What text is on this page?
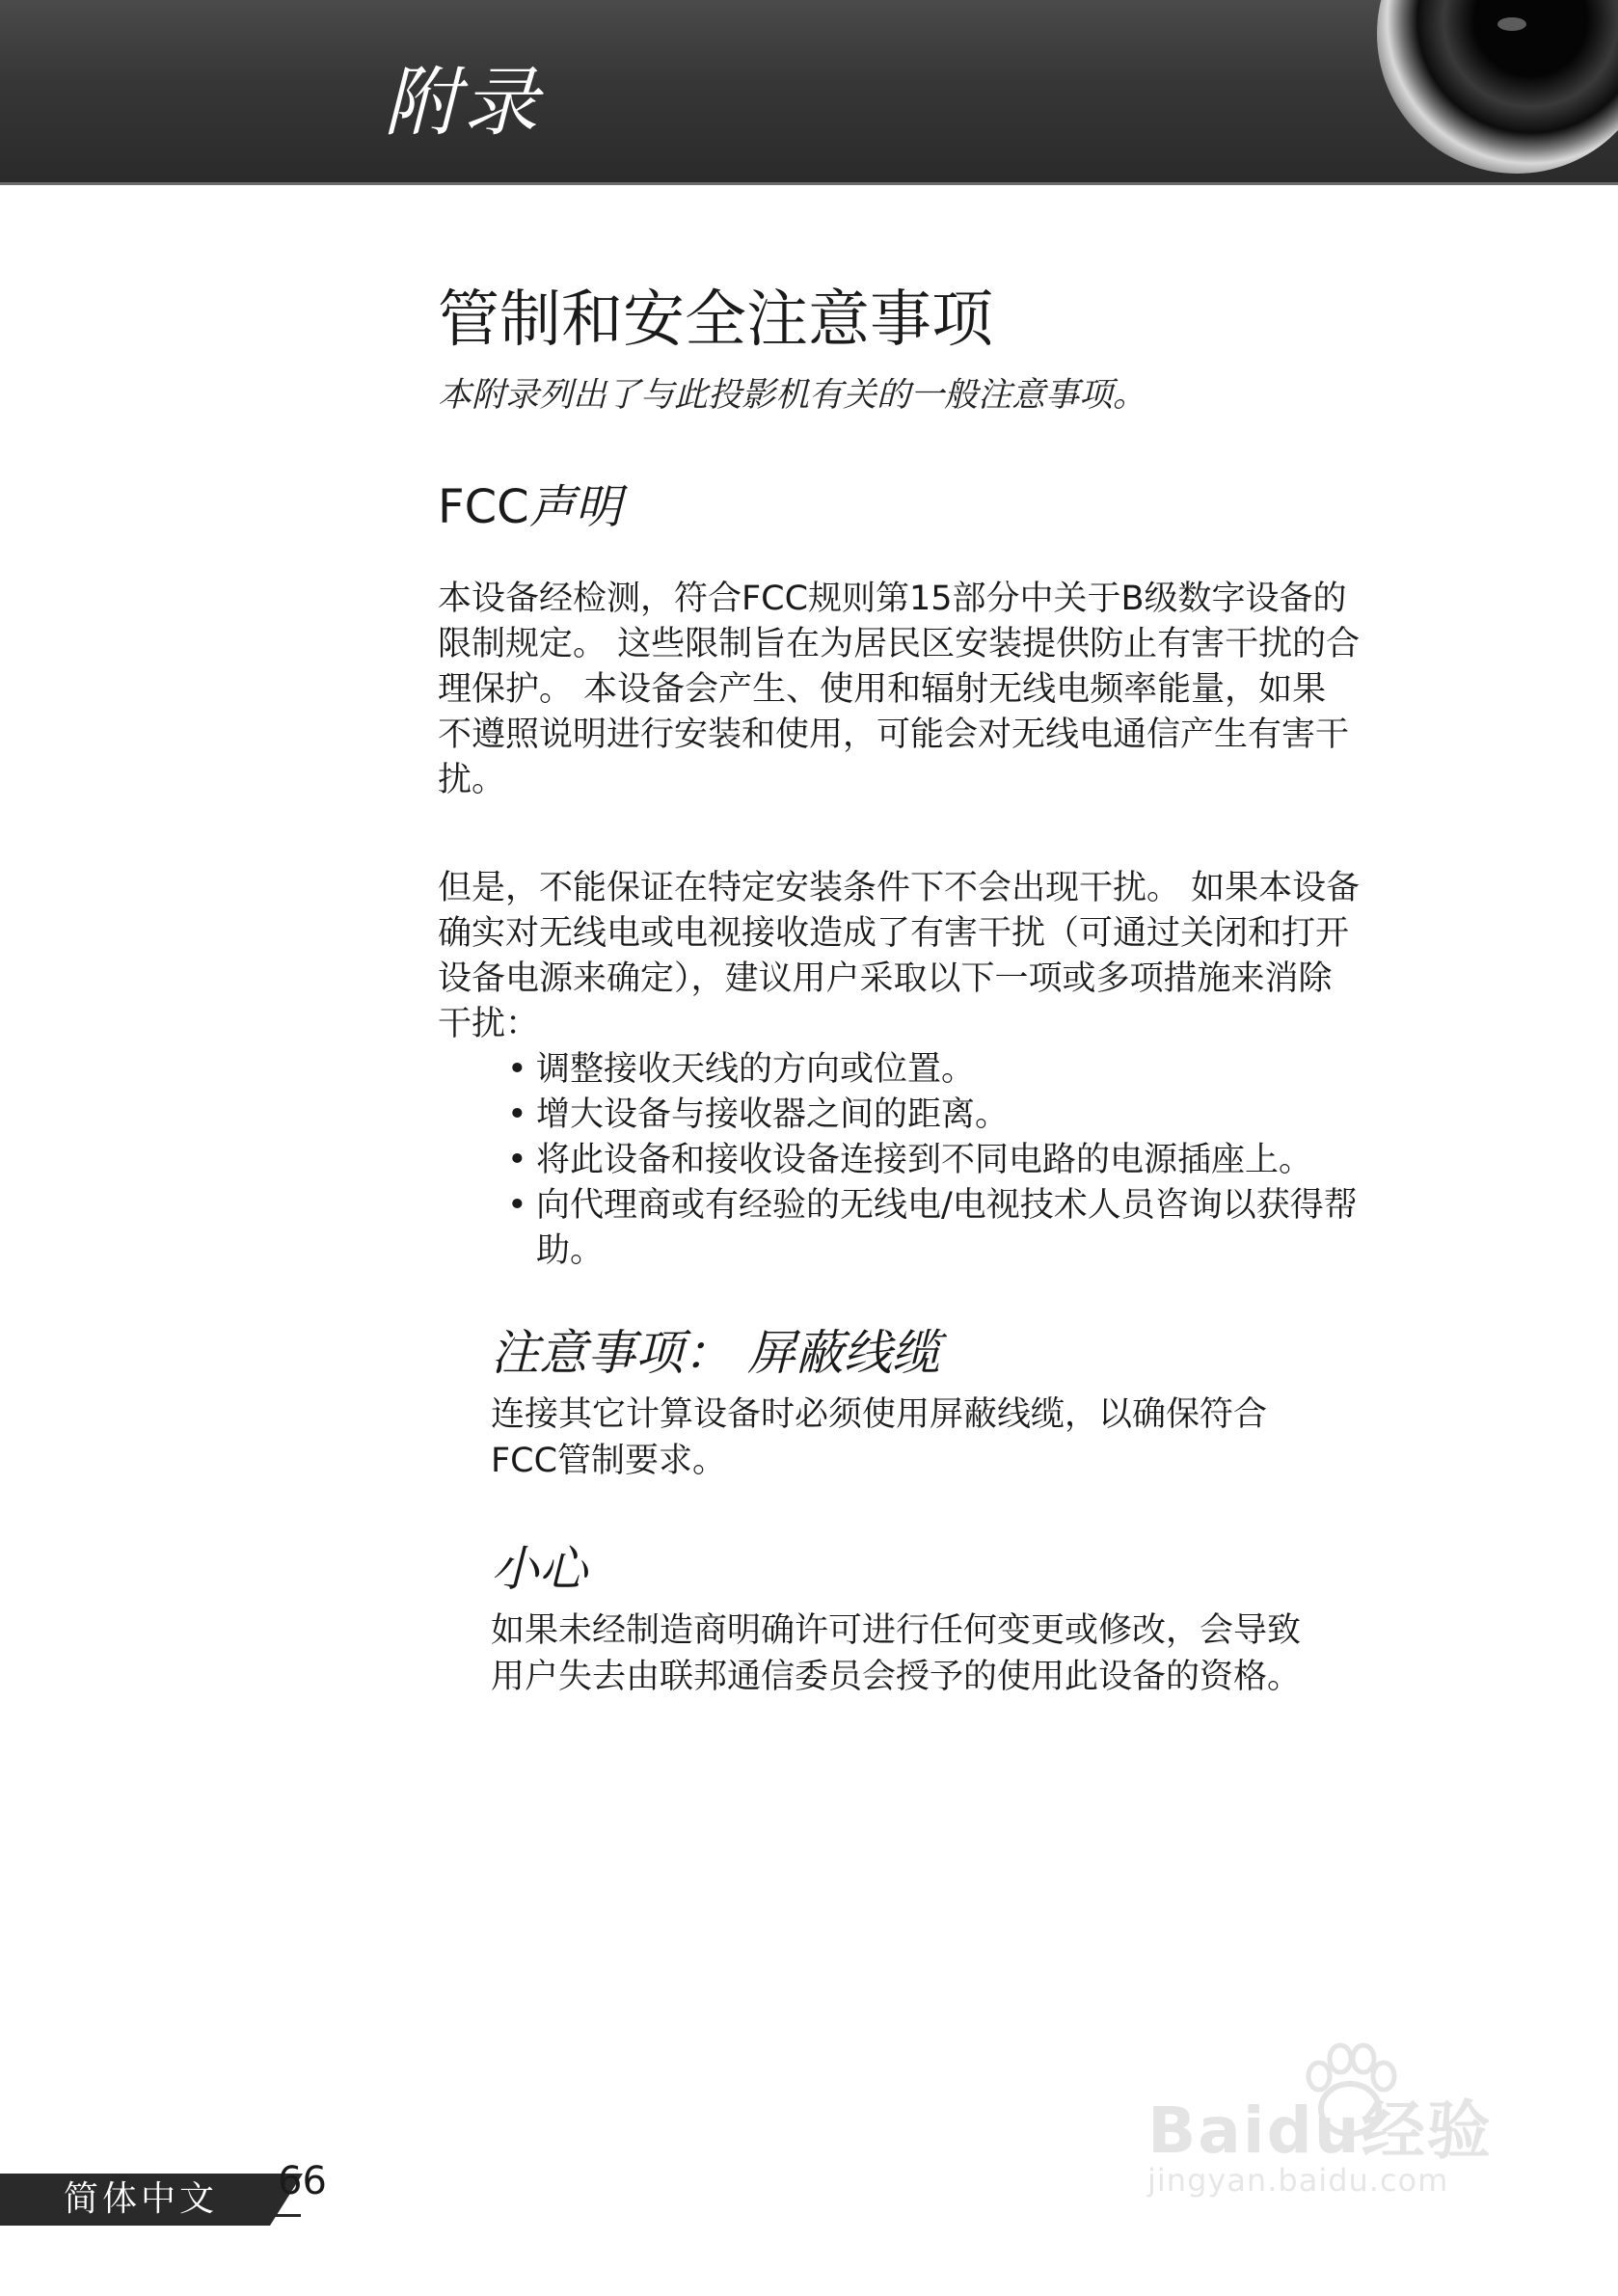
附录
管制和安全注意事项

本附录列出了与此投影机有关的一般注意事项。

FCC声明

本设备经检测，符合FCC规则第15部分中关于B级数字设备的
限制规定。 这些限制旨在为居民区安装提供防止有害干扰的合
理保护。 本设备会产生、使用和辐射无线电频率能量，如果
不遵照说明进行安装和使用，可能会对无线电通信产生有害干
扰。

但是，不能保证在特定安装条件下不会出现干扰。 如果本设备
确实对无线电或电视接收造成了有害干扰（可通过关闭和打开
设备电源来确定），建议用户采取以下一项或多项措施来消除
干扰：

• 调整接收天线的方向或位置。
• 增大设备与接收器之间的距离。
• 将此设备和接收设备连接到不同电路的电源插座上。
• 向代理商或有经验的无线电/电视技术人员咨询以获得帮
助。
注意事项： 屏蔽线缆

连接其它计算设备时必须使用屏蔽线缆，以确保符合
FCC管制要求。

小心

如果未经制造商明确许可进行任何变更或修改，会导致
用户失去由联邦通信委员会授予的使用此设备的资格。

Baidu经验
jingyan.baidu.com
简体中文 66
